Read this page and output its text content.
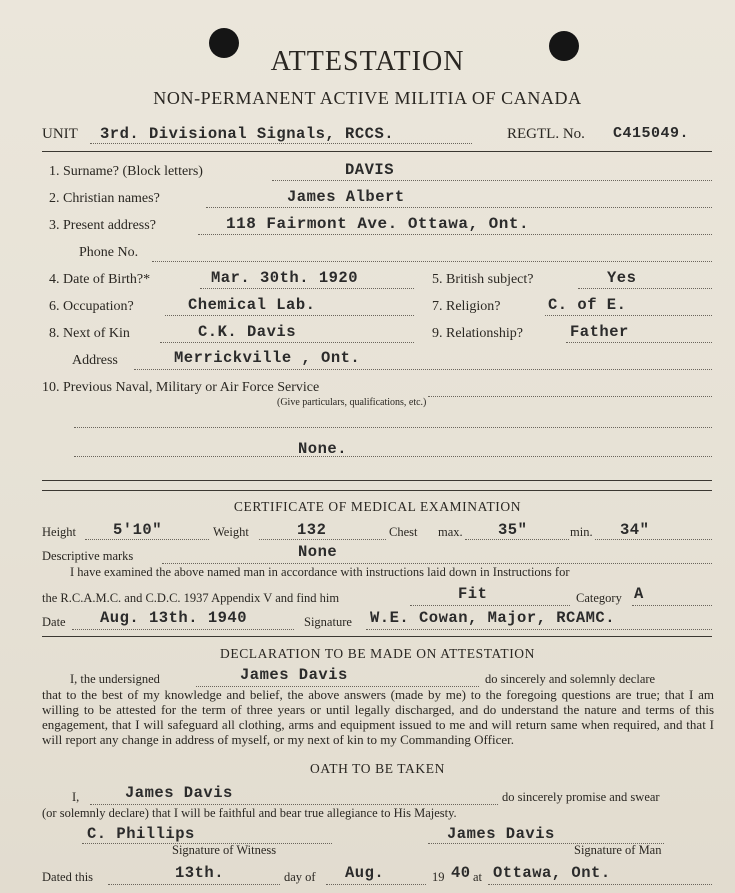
ATTESTATION
NON-PERMANENT ACTIVE MILITIA OF CANADA
UNIT 3rd. Divisional Signals, RCCS.	REGTL. No. C415049.
1. Surname? (Block letters)	DAVIS
2. Christian names?	James Albert
3. Present address?	118 Fairmont Ave. Ottawa, Ont.
Phone No.
4. Date of Birth?*	Mar. 30th. 1920	5. British subject?	Yes
6. Occupation?	Chemical Lab.	7. Religion?	C. of E.
8. Next of Kin	C.K. Davis	9. Relationship?	Father
Address	Merrickville , Ont.
10. Previous Naval, Military or Air Force Service
(Give particulars, qualifications, etc.)
None.
CERTIFICATE OF MEDICAL EXAMINATION
Height 5'10"	Weight	132	Chest max. 35"	min. 34"
Descriptive marks	None
I have examined the above named man in accordance with instructions laid down in Instructions for
the R.C.A.M.C. and C.D.C. 1937 Appendix V and find him	Fit	Category A
Date Aug. 13th. 1940	Signature W.E. Cowan, Major, RCAMC.
DECLARATION TO BE MADE ON ATTESTATION
I, the undersigned	James Davis	do sincerely and solemnly declare
that to the best of my knowledge and belief, the above answers (made by me) to the foregoing questions are true; that I am willing to be attested for the term of three years or until legally discharged, and do understand the nature and terms of this engagement, that I will safeguard all clothing, arms and equipment issued to me and will return same when required, and that I will report any change in address of myself, or my next of kin to my Commanding Officer.
OATH TO BE TAKEN
I,	James Davis	do sincerely promise and swear
(or solemnly declare) that I will be faithful and bear true allegiance to His Majesty.
C. Phillips
Signature of Witness
James Davis
Signature of Man
Dated this	13th.	day of Aug.	19 40 at Ottawa, Ont.
